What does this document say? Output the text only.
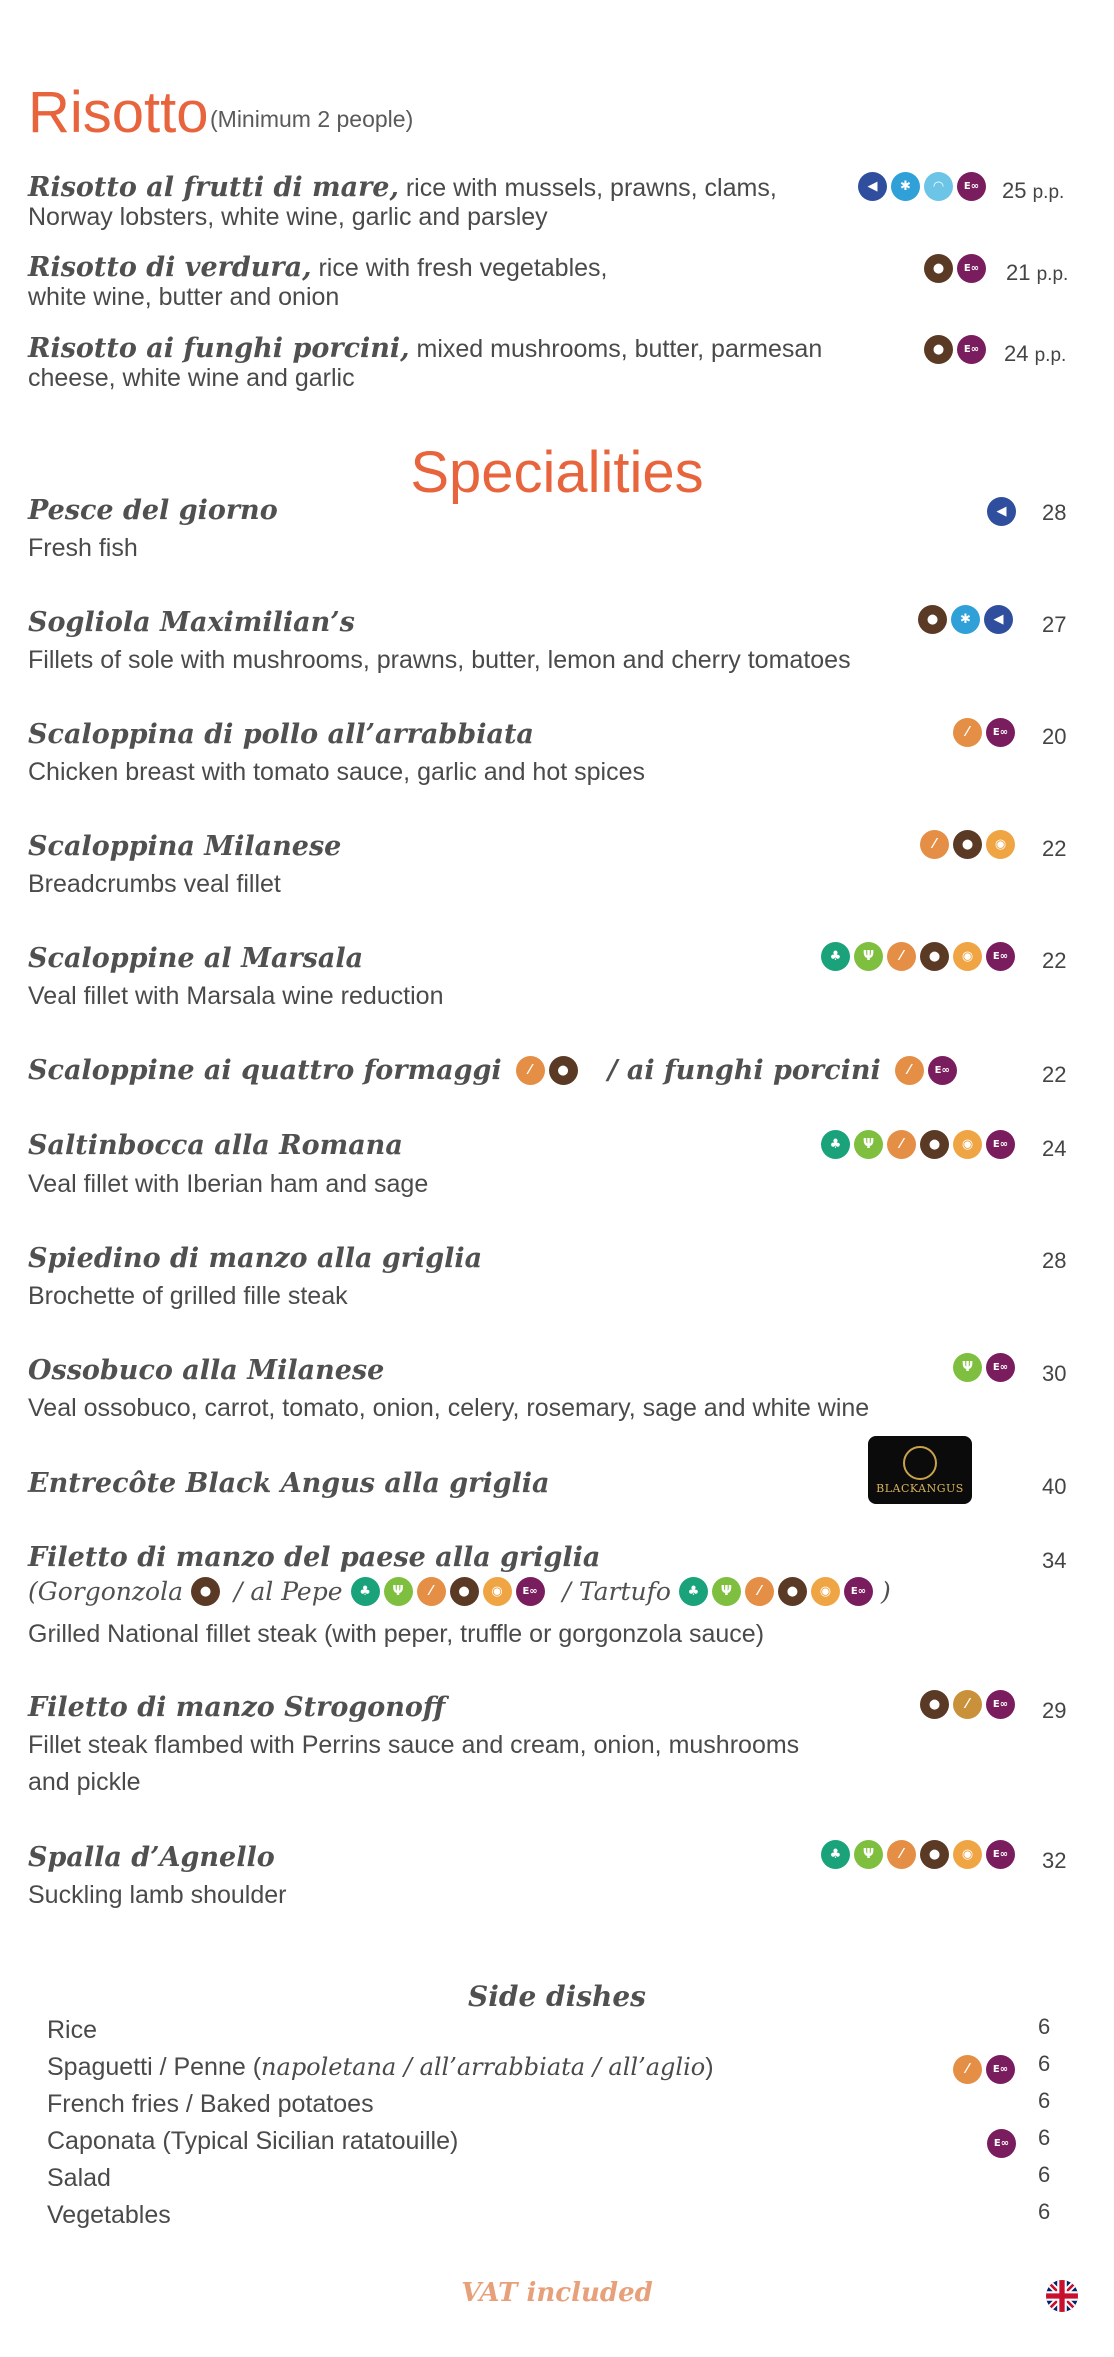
Risotto (Minimum 2 people)
Risotto al frutti di mare, rice with mussels, prawns, clams,
Norway lobsters, white wine, garlic and parsley
◀	✱	◠	E∞	25 p.p.
Risotto di verdura, rice with fresh vegetables,
white wine, butter and onion
●	E∞	21 p.p.
Risotto ai funghi porcini, mixed mushrooms, butter, parmesan
cheese, white wine and garlic
●	E∞	24 p.p.
Specialities
Pesce del giorno
Fresh fish
◀	28
Sogliola Maximilian’s
Fillets of sole with mushrooms, prawns, butter, lemon and cherry tomatoes
●	✱	◀	27
Scaloppina di pollo all’arrabbiata
Chicken breast with tomato sauce, garlic and hot spices
⁄	E∞	20
Scaloppina Milanese
Breadcrumbs veal fillet
⁄	●	◉	22
Scaloppine al Marsala
Veal fillet with Marsala wine reduction
♣	Ψ	⁄	●	◉	E∞	22
Scaloppine ai quattro formaggi	⁄	●	/ ai funghi porcini	⁄	E∞	22
Saltinbocca alla Romana
Veal fillet with Iberian ham and sage
♣	Ψ	⁄	●	◉	E∞	24
Spiedino di manzo alla griglia
Brochette of grilled fille steak
28
Ossobuco alla Milanese
Veal ossobuco, carrot, tomato, onion, celery, rosemary, sage and white wine
Ψ	E∞	30
Entrecôte Black Angus alla griglia	BLACKANGUS	40
Filetto di manzo del paese alla griglia
(Gorgonzola	● / al Pepe	♣	Ψ	⁄	●	◉	E∞ / Tartufo	♣	Ψ	⁄	●	◉	E∞ )
Grilled National fillet steak (with peper, truffle or gorgonzola sauce)
34
Filetto di manzo Strogonoff
Fillet steak flambed with Perrins sauce and cream, onion, mushrooms
and pickle
●	⁄	E∞	29
Spalla d’Agnello
Suckling lamb shoulder
♣	Ψ	⁄	●	◉	E∞	32
Side dishes
Rice	6
Spaguetti / Penne (napoletana / all’arrabbiata / all’aglio)	⁄	E∞	6
French fries / Baked potatoes	6
Caponata (Typical Sicilian ratatouille)	E∞	6
Salad	6
Vegetables	6
VAT included
